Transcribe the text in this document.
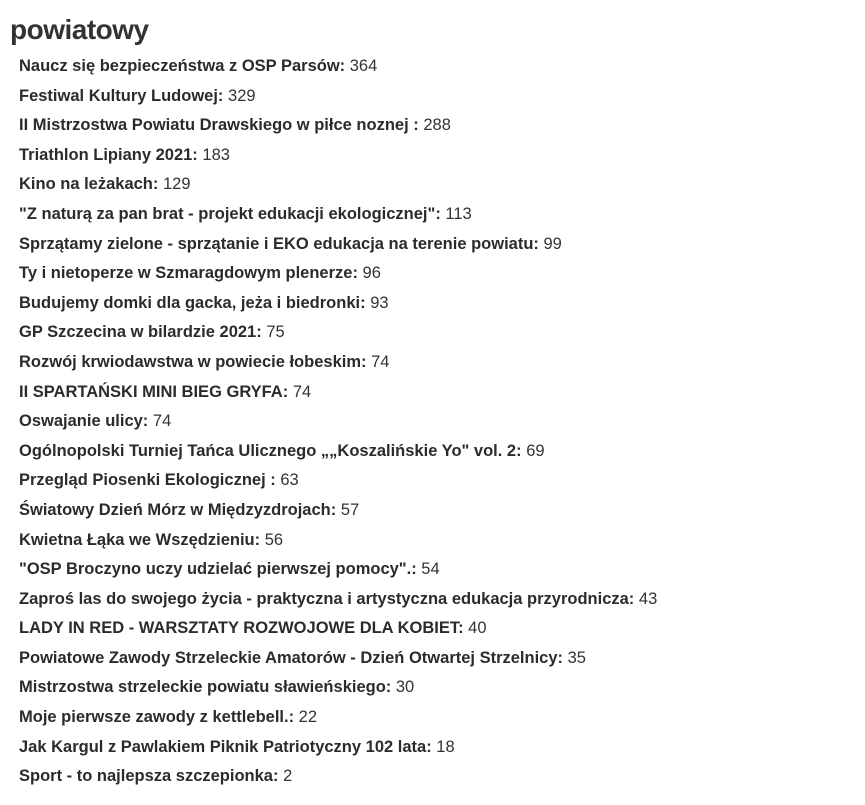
powiatowy
Naucz się bezpieczeństwa z OSP Parsów: 364
Festiwal Kultury Ludowej: 329
II Mistrzostwa Powiatu Drawskiego w piłce noznej : 288
Triathlon Lipiany 2021: 183
Kino na leżakach: 129
"Z naturą za pan brat - projekt edukacji ekologicznej": 113
Sprzątamy zielone - sprzątanie i EKO edukacja na terenie powiatu: 99
Ty i nietoperze w Szmaragdowym plenerze: 96
Budujemy domki dla gacka, jeża i biedronki: 93
GP Szczecina w bilardzie 2021: 75
Rozwój krwiodawstwa w powiecie łobeskim: 74
II SPARTAŃSKI MINI BIEG GRYFA: 74
Oswajanie ulicy: 74
Ogólnopolski Turniej Tańca Ulicznego „„Koszalińskie Yo" vol. 2: 69
Przegląd Piosenki Ekologicznej : 63
Światowy Dzień Mórz w Międzyzdrojach: 57
Kwietna Łąka we Wszędzieniu: 56
"OSP Broczyno uczy udzielać pierwszej pomocy".: 54
Zaproś las do swojego życia - praktyczna i artystyczna edukacja przyrodnicza: 43
LADY IN RED - WARSZTATY ROZWOJOWE DLA KOBIET: 40
Powiatowe Zawody Strzeleckie Amatorów - Dzień Otwartej Strzelnicy: 35
Mistrzostwa strzeleckie powiatu sławieńskiego: 30
Moje pierwsze zawody z kettlebell.: 22
Jak Kargul z Pawlakiem Piknik Patriotyczny 102 lata: 18
Sport - to najlepsza szczepionka: 2
